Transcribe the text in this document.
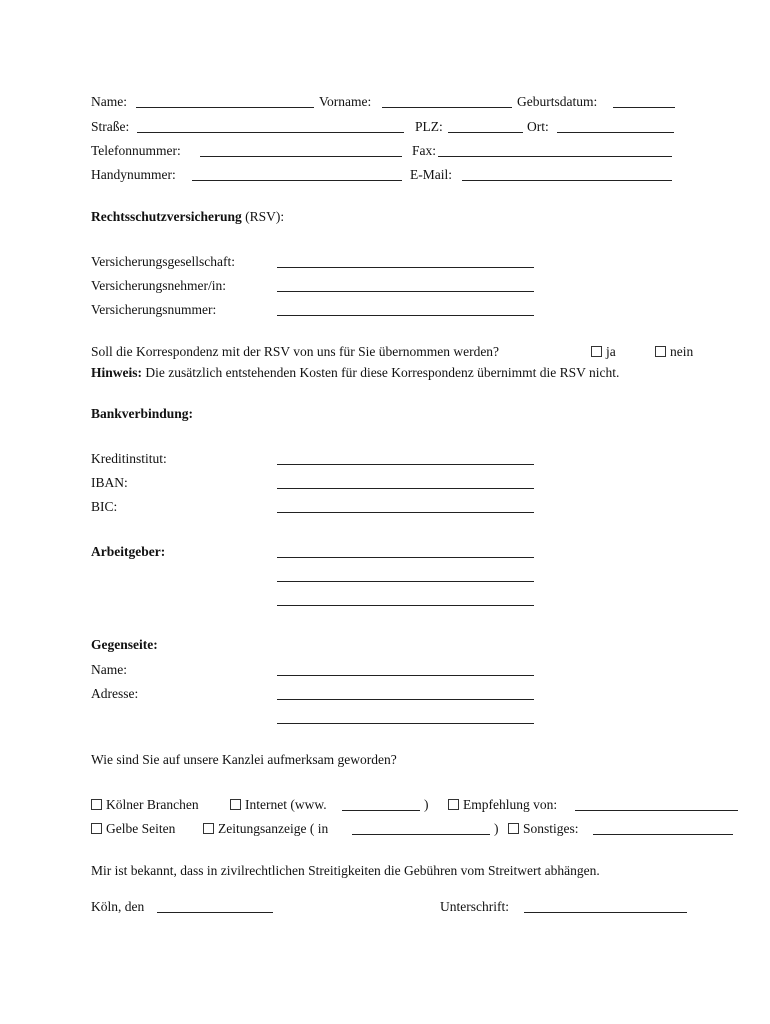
Name:	Vorname:	Geburtsdatum:
Straße:	PLZ:	Ort:
Telefonnummer:	Fax:
Handynummer:	E-Mail:
Rechtsschutzversicherung (RSV):
Versicherungsgesellschaft:
Versicherungsnehmer/in:
Versicherungsnummer:
Soll die Korrespondenz mit der RSV von uns für Sie übernommen werden?	ja	nein
Hinweis: Die zusätzlich entstehenden Kosten für diese Korrespondenz übernimmt die RSV nicht.
Bankverbindung:
Kreditinstitut:
IBAN:
BIC:
Arbeitgeber:
Gegenseite:
Name:
Adresse:
Wie sind Sie auf unsere Kanzlei aufmerksam geworden?
Kölner Branchen	Internet (www.	)	Empfehlung von:
Gelbe Seiten	Zeitungsanzeige ( in	)	Sonstiges:
Mir ist bekannt, dass in zivilrechtlichen Streitigkeiten die Gebühren vom Streitwert abhängen.
Köln, den	Unterschrift:
